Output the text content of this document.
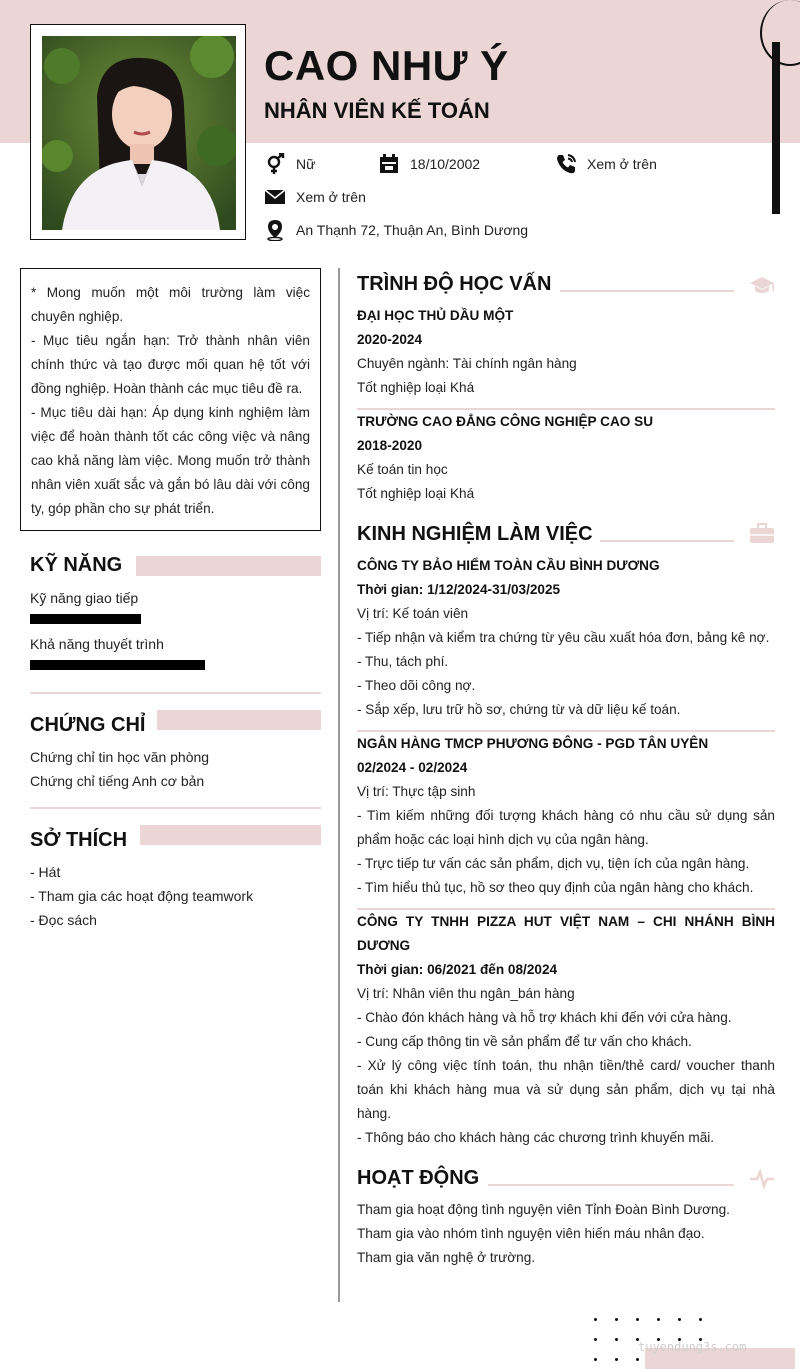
CAO NHƯ Ý
NHÂN VIÊN KẾ TOÁN
Nữ	18/10/2002	Xem ở trên
Xem ở trên
An Thạnh 72, Thuận An, Bình Dương

* Mong muốn một môi trường làm việc chuyên nghiệp.

- Mục tiêu ngắn hạn: Trở thành nhân viên chính thức và tạo được mối quan hệ tốt với đồng nghiệp. Hoàn thành các mục tiêu đề ra.

- Mục tiêu dài hạn: Áp dụng kinh nghiệm làm việc để hoàn thành tốt các công việc và nâng cao khả năng làm việc. Mong muốn trở thành nhân viên xuất sắc và gắn bó lâu dài với công ty, góp phần cho sự phát triển.

KỸ NĂNG
Kỹ năng giao tiếp
Khả năng thuyết trình
CHỨNG CHỈ
Chứng chỉ tin học văn phòng
Chứng chỉ tiếng Anh cơ bản
SỞ THÍCH
- Hát
- Tham gia các hoạt động teamwork
- Đọc sách
TRÌNH ĐỘ HỌC VẤN
ĐẠI HỌC THỦ DẦU MỘT
2020-2024
Chuyên ngành: Tài chính ngân hàng
Tốt nghiệp loại Khá
TRƯỜNG CAO ĐẲNG CÔNG NGHIỆP CAO SU
2018-2020
Kế toán tin học
Tốt nghiệp loại Khá
KINH NGHIỆM LÀM VIỆC
CÔNG TY BẢO HIỂM TOÀN CẦU BÌNH DƯƠNG
Thời gian: 1/12/2024-31/03/2025
Vị trí: Kế toán viên
- Tiếp nhận và kiểm tra chứng từ yêu cầu xuất hóa đơn, bảng kê nợ.
- Thu, tách phí.
- Theo dõi công nợ.
- Sắp xếp, lưu trữ hồ sơ, chứng từ và dữ liệu kế toán.
NGÂN HÀNG TMCP PHƯƠNG ĐÔNG - PGD TÂN UYÊN
02/2024 - 02/2024
Vị trí: Thực tập sinh
- Tìm kiếm những đối tượng khách hàng có nhu cầu sử dụng sản phẩm hoặc các loại hình dịch vụ của ngân hàng.
- Trực tiếp tư vấn các sản phẩm, dịch vụ, tiện ích của ngân hàng.
- Tìm hiểu thủ tục, hồ sơ theo quy định của ngân hàng cho khách.
CÔNG TY TNHH PIZZA HUT VIỆT NAM – CHI NHÁNH BÌNH DƯƠNG
Thời gian: 06/2021 đến 08/2024
Vị trí: Nhân viên thu ngân_bán hàng
- Chào đón khách hàng và hỗ trợ khách khi đến với cửa hàng.
- Cung cấp thông tin về sản phẩm để tư vấn cho khách.
- Xử lý công việc tính toán, thu nhận tiền/thẻ card/ voucher thanh toán khi khách hàng mua và sử dụng sản phẩm, dịch vụ tại nhà hàng.
- Thông báo cho khách hàng các chương trình khuyến mãi.
HOẠT ĐỘNG
Tham gia hoạt động tình nguyện viên Tỉnh Đoàn Bình Dương.
Tham gia vào nhóm tình nguyện viên hiến máu nhân đạo.
Tham gia văn nghệ ở trường.
tuyendung3s.com
